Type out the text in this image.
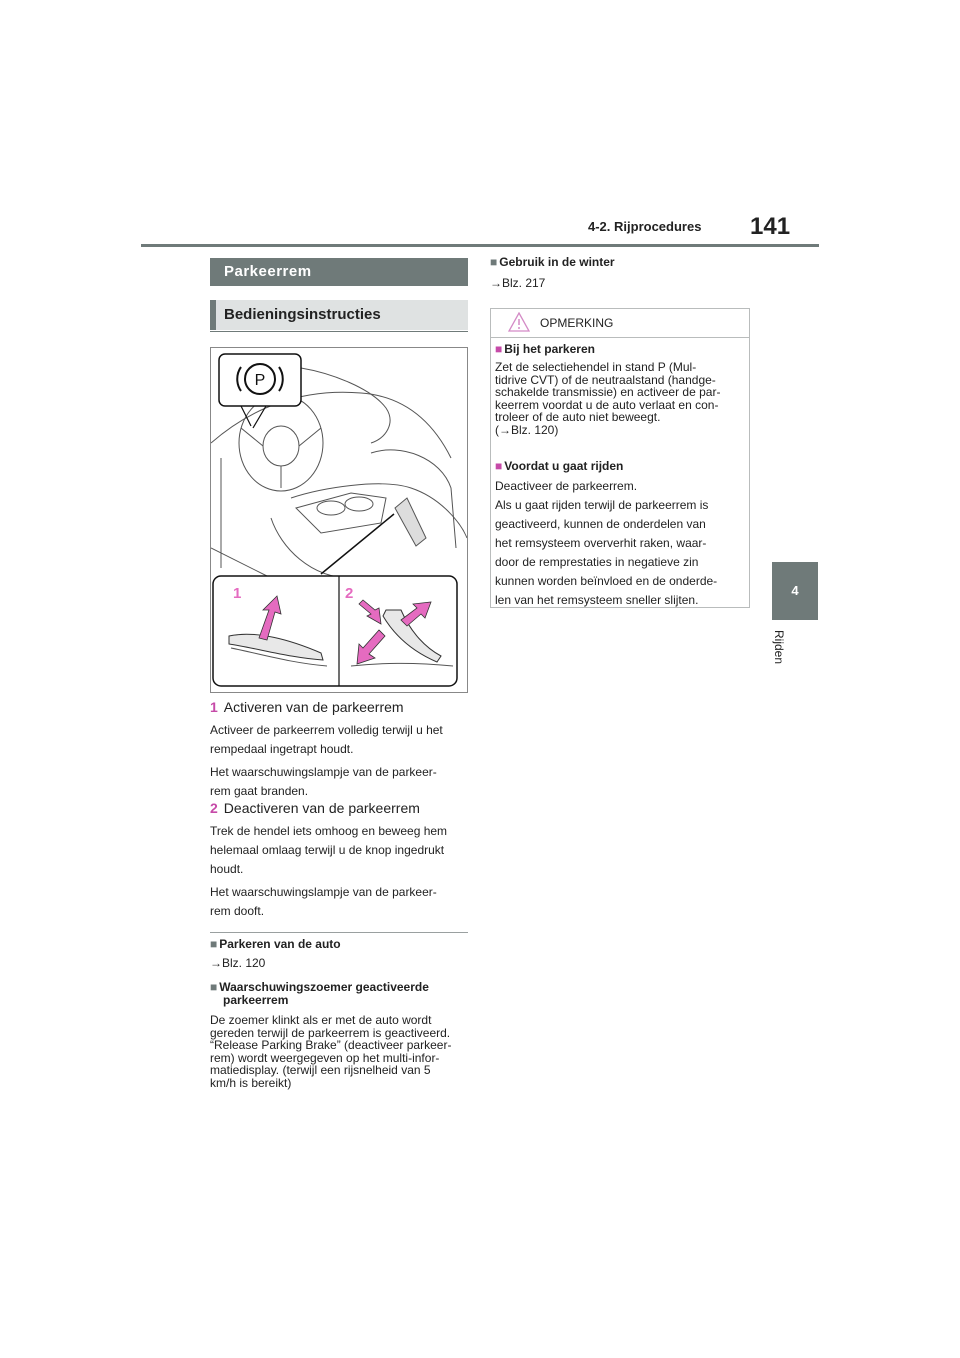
4-2. Rijprocedures 141
4
Rijden
Parkeerrem
Bedieningsinstructies
P
1	2
1 Activeren van de parkeerrem
Activeer de parkeerrem volledig terwijl u het
rempedaal ingetrapt houdt.
Het waarschuwingslampje van de parkeer-
rem gaat branden.
2 Deactiveren van de parkeerrem
Trek de hendel iets omhoog en beweeg hem
helemaal omlaag terwijl u de knop ingedrukt
houdt.
Het waarschuwingslampje van de parkeer-
rem dooft.
■ Parkeren van de auto
→Blz. 120
■ Waarschuwingszoemer geactiveerde
parkeerrem
De zoemer klinkt als er met de auto wordt
gereden terwijl de parkeerrem is geactiveerd.
“Release Parking Brake” (deactiveer parkeer-
rem) wordt weergegeven op het multi-infor-
matiedisplay. (terwijl een rijsnelheid van 5
km/h is bereikt)
■ Gebruik in de winter
→Blz. 217
OPMERKING
■ Bij het parkeren
Zet de selectiehendel in stand P (Mul-
tidrive CVT) of de neutraalstand (handge-
schakelde transmissie) en activeer de par-
keerrem voordat u de auto verlaat en con-
troleer of de auto niet beweegt.
(→Blz. 120)
■ Voordat u gaat rijden
Deactiveer de parkeerrem.
Als u gaat rijden terwijl de parkeerrem is
geactiveerd, kunnen de onderdelen van
het remsysteem oververhit raken, waar-
door de remprestaties in negatieve zin
kunnen worden beïnvloed en de onderde-
len van het remsysteem sneller slijten.
